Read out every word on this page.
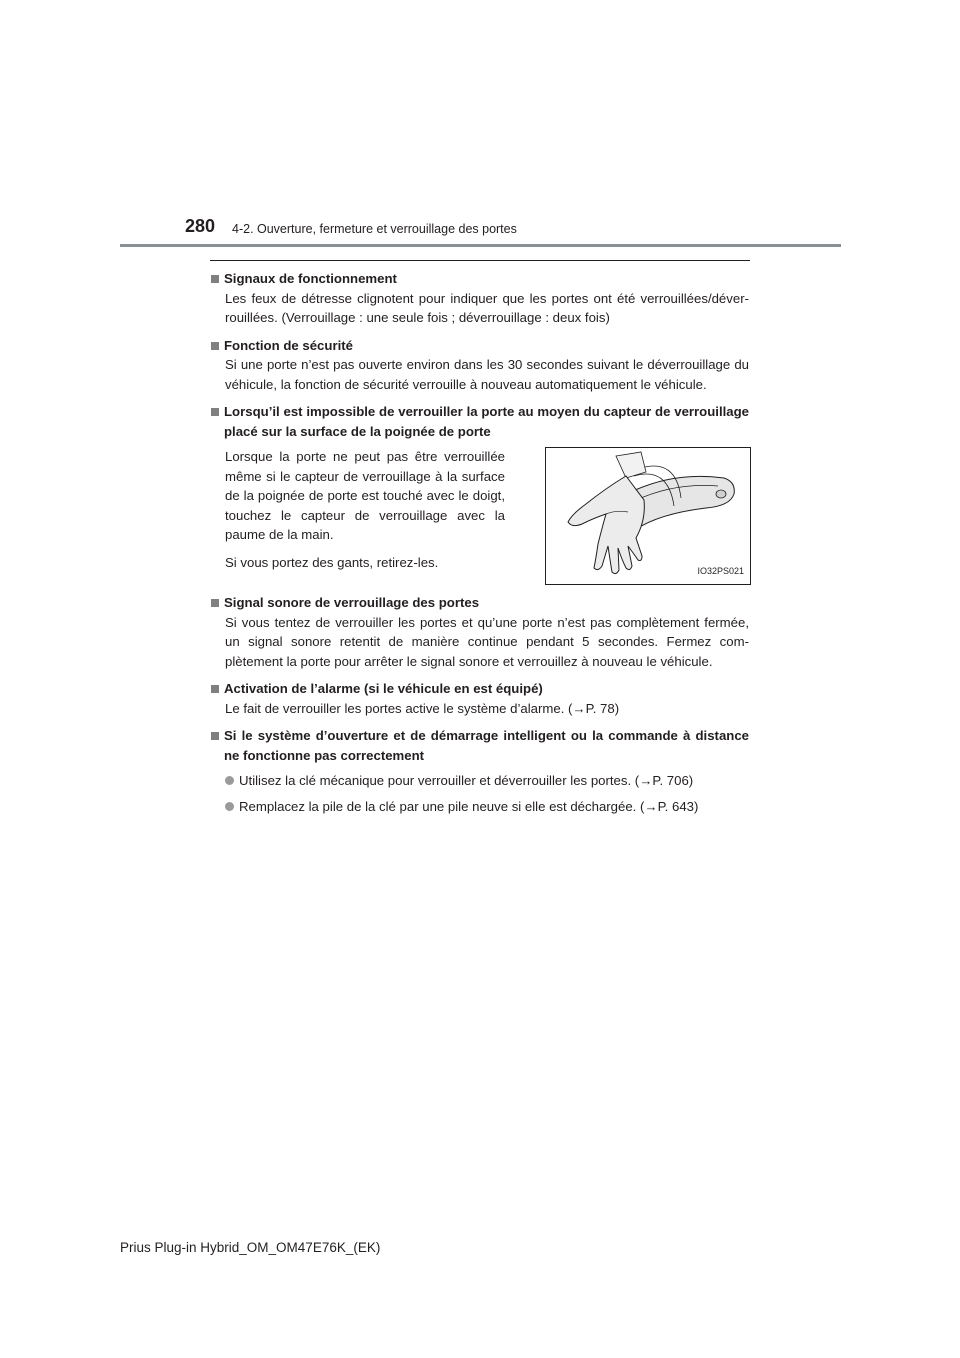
280 4-2. Ouverture, fermeture et verrouillage des portes
Signaux de fonctionnement
Les feux de détresse clignotent pour indiquer que les portes ont été verrouillées/déverrouillées. (Verrouillage : une seule fois ; déverrouillage : deux fois)
Fonction de sécurité
Si une porte n’est pas ouverte environ dans les 30 secondes suivant le déverrouillage du véhicule, la fonction de sécurité verrouille à nouveau automatiquement le véhicule.
Lorsqu’il est impossible de verrouiller la porte au moyen du capteur de verrouillage placé sur la surface de la poignée de porte

Lorsque la porte ne peut pas être verrouillée même si le capteur de verrouillage à la surface de la poignée de porte est touché avec le doigt, touchez le capteur de verrouillage avec la paume de la main.

Si vous portez des gants, retirez-les.

IO32PS021
Signal sonore de verrouillage des portes
Si vous tentez de verrouiller les portes et qu’une porte n’est pas complètement fermée, un signal sonore retentit de manière continue pendant 5 secondes. Fermez complètement la porte pour arrêter le signal sonore et verrouillez à nouveau le véhicule.
Activation de l’alarme (si le véhicule en est équipé)
Le fait de verrouiller les portes active le système d’alarme. (→P. 78)
Si le système d’ouverture et de démarrage intelligent ou la commande à distance ne fonctionne pas correctement
Utilisez la clé mécanique pour verrouiller et déverrouiller les portes. (→P. 706)
Remplacez la pile de la clé par une pile neuve si elle est déchargée. (→P. 643)
Prius Plug-in Hybrid_OM_OM47E76K_(EK)
